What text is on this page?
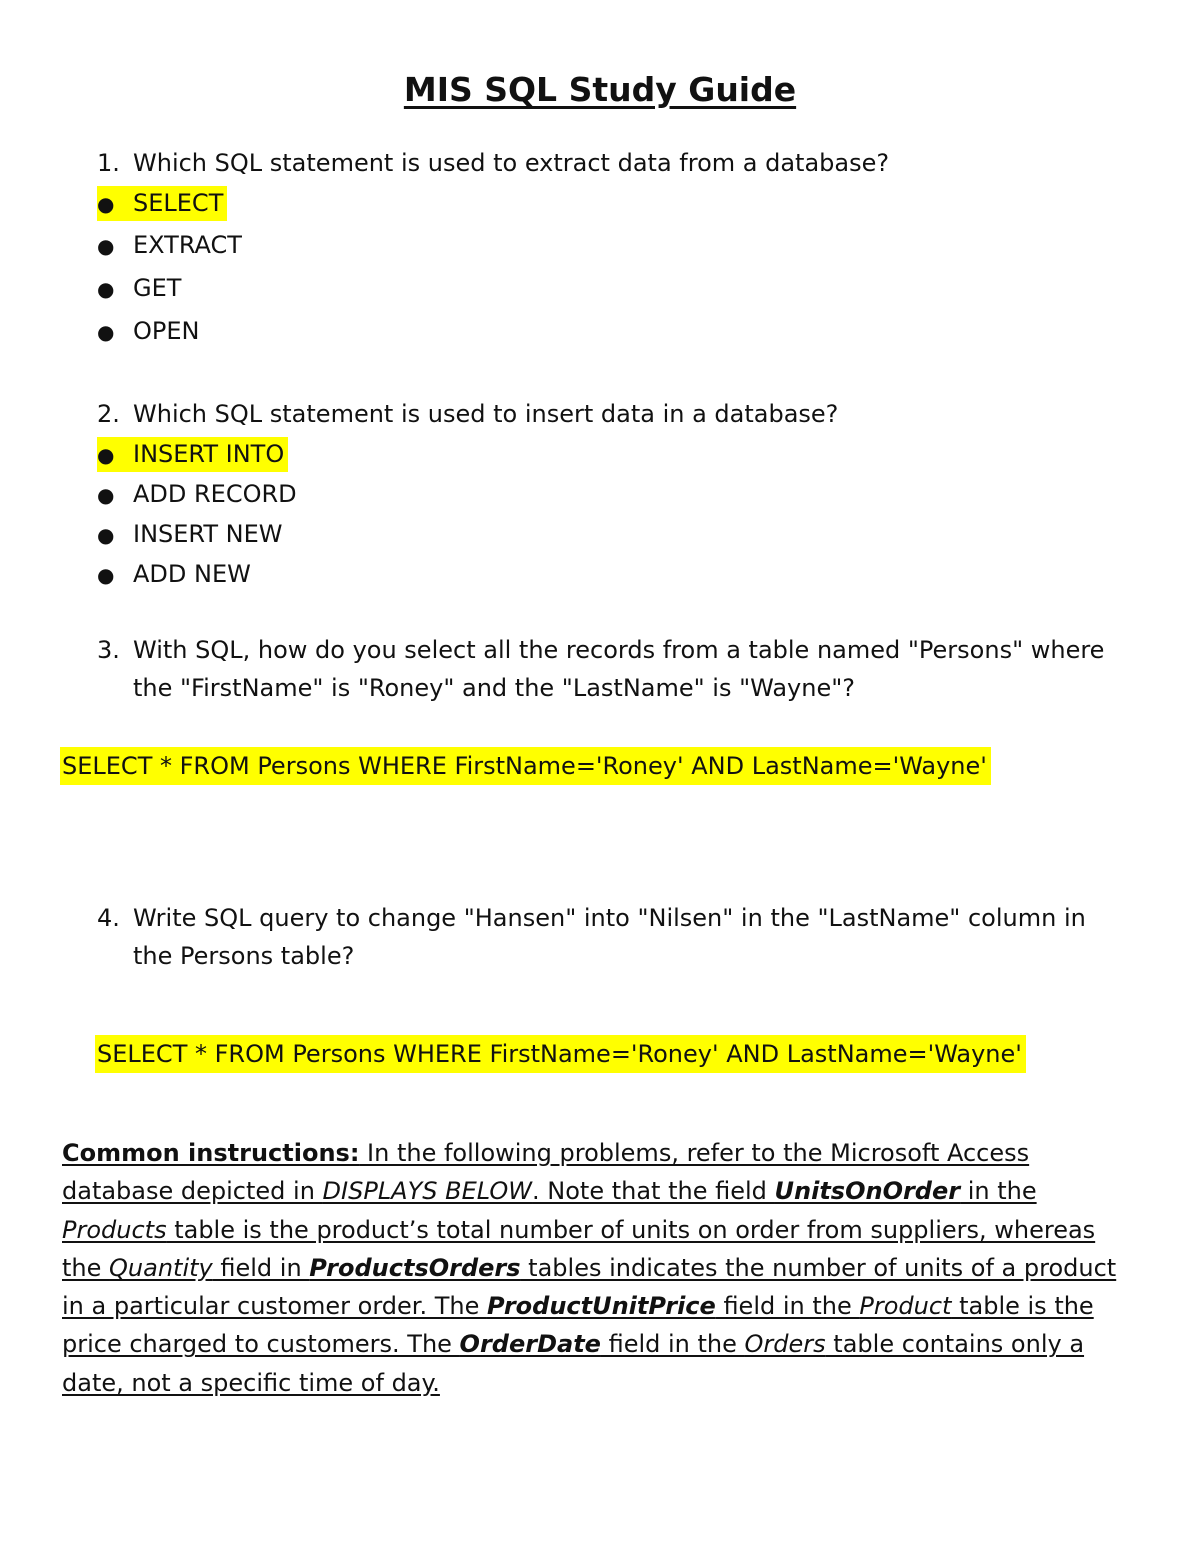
MIS SQL Study Guide
1. Which SQL statement is used to extract data from a database?
● SELECT
● EXTRACT
● GET
● OPEN
2. Which SQL statement is used to insert data in a database?
● INSERT INTO
● ADD RECORD
● INSERT NEW
● ADD NEW
3. With SQL, how do you select all the records from a table named "Persons" where the "FirstName" is "Roney" and the "LastName" is "Wayne"?
SELECT * FROM Persons WHERE FirstName='Roney' AND LastName='Wayne'
4. Write SQL query to change "Hansen" into "Nilsen" in the "LastName" column in the Persons table?
SELECT * FROM Persons WHERE FirstName='Roney' AND LastName='Wayne'
Common instructions: In the following problems, refer to the Microsoft Access database depicted in DISPLAYS BELOW. Note that the field UnitsOnOrder in the Products table is the product’s total number of units on order from suppliers, whereas the Quantity field in ProductsOrders tables indicates the number of units of a product in a particular customer order. The ProductUnitPrice field in the Product table is the price charged to customers. The OrderDate field in the Orders table contains only a date, not a specific time of day.
